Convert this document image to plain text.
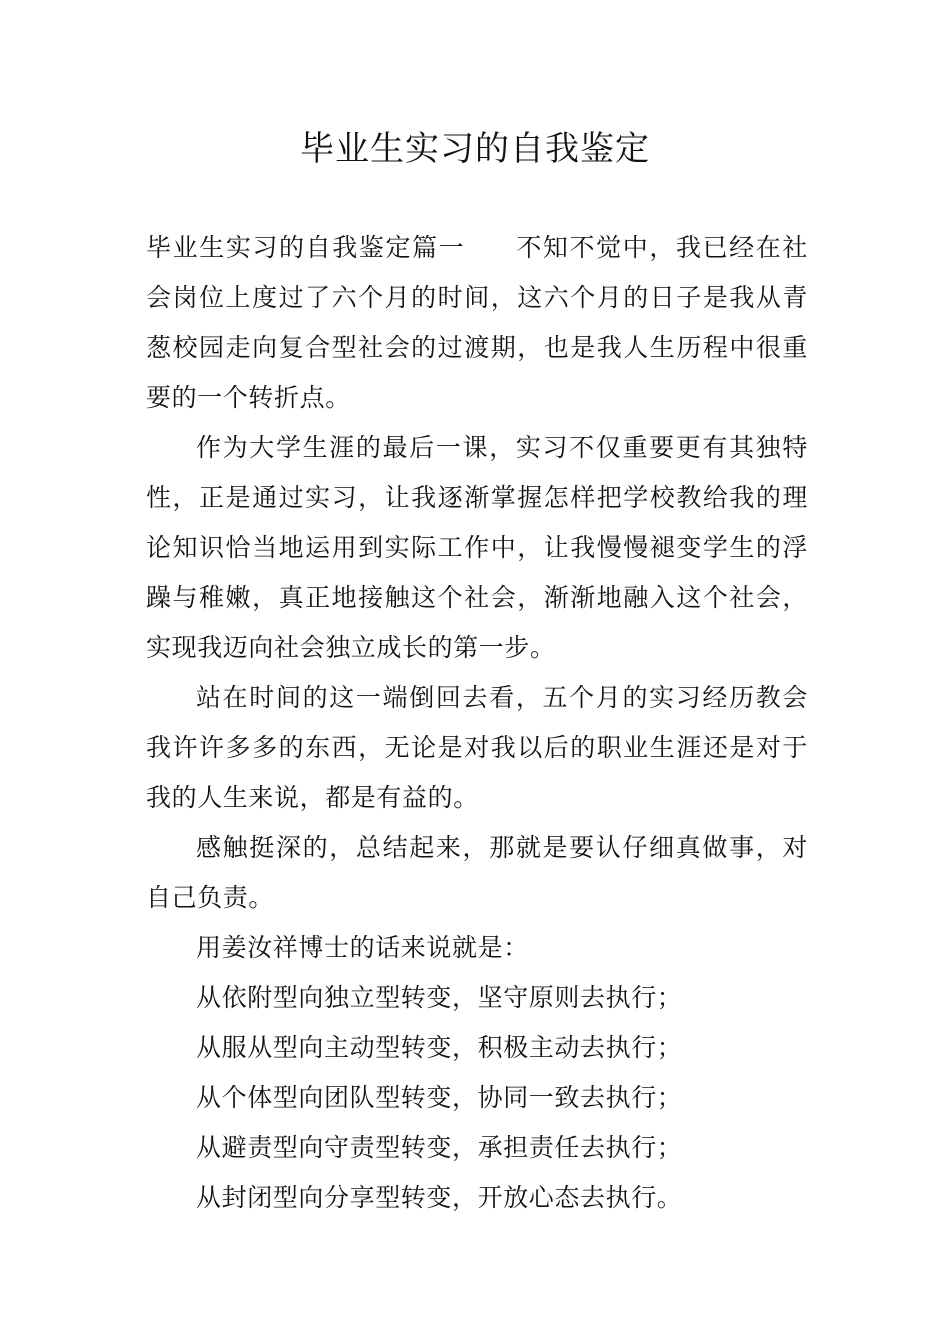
毕业生实习的自我鉴定

毕业生实习的自我鉴定篇一 不知不觉中，我已经在社会岗位上度过了六个月的时间，这六个月的日子是我从青葱校园走向复合型社会的过渡期，也是我人生历程中很重要的一个转折点。

作为大学生涯的最后一课，实习不仅重要更有其独特性，正是通过实习，让我逐渐掌握怎样把学校教给我的理论知识恰当地运用到实际工作中，让我慢慢褪变学生的浮躁与稚嫩，真正地接触这个社会，渐渐地融入这个社会，实现我迈向社会独立成长的第一步。

站在时间的这一端倒回去看，五个月的实习经历教会我许许多多的东西，无论是对我以后的职业生涯还是对于我的人生来说，都是有益的。

感触挺深的，总结起来，那就是要认仔细真做事，对自己负责。

用姜汝祥博士的话来说就是：

从依附型向独立型转变，坚守原则去执行；

从服从型向主动型转变，积极主动去执行；

从个体型向团队型转变，协同一致去执行；

从避责型向守责型转变，承担责任去执行；

从封闭型向分享型转变，开放心态去执行。
